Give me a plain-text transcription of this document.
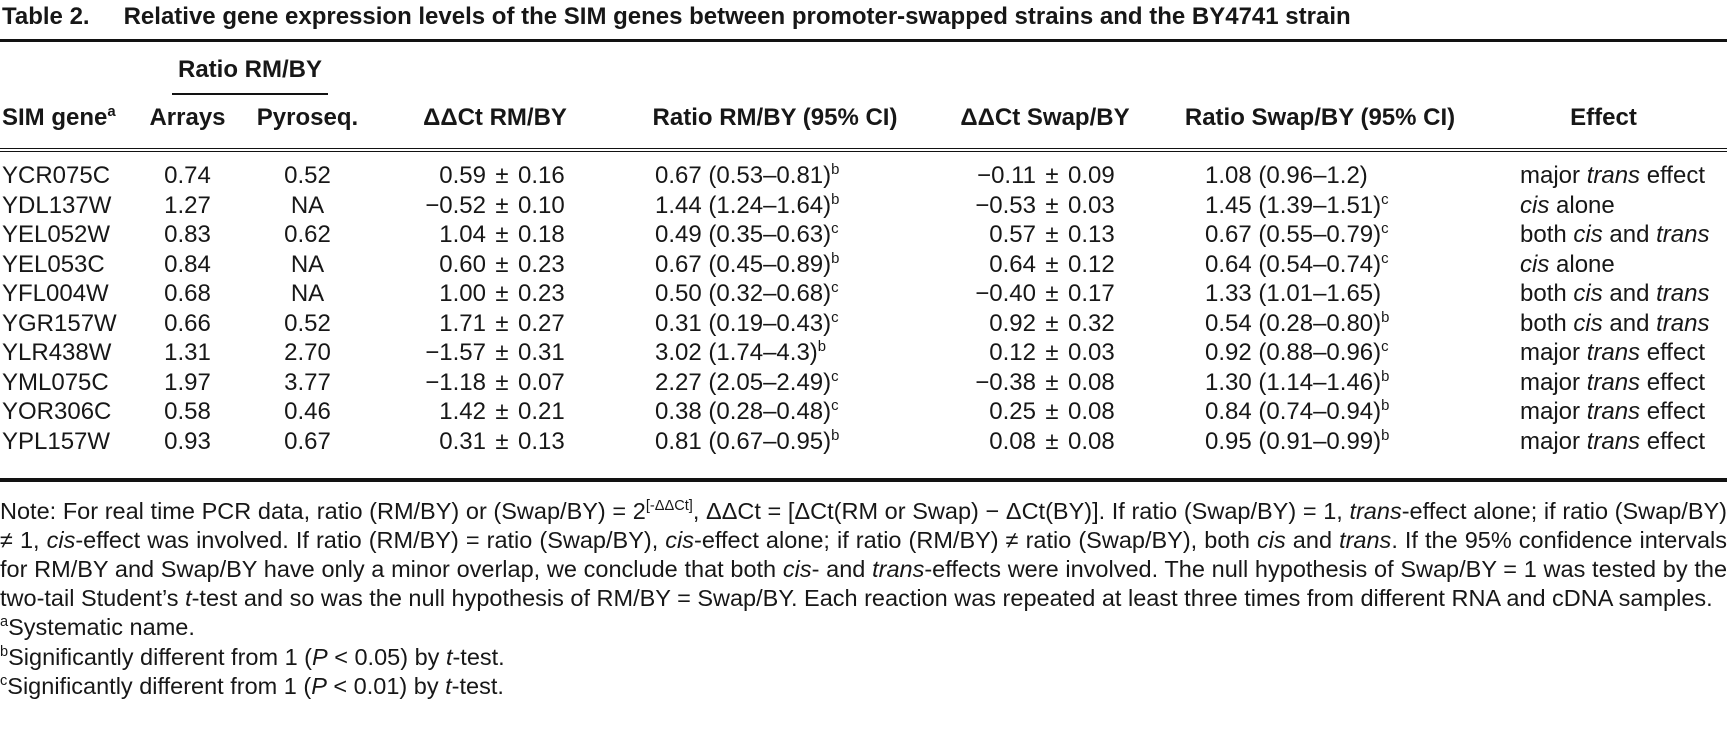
Table 2. Relative gene expression levels of the SIM genes between promoter-swapped strains and the BY4741 strain
	Ratio RM/BY						
SIM gene$^a$	Arrays	Pyroseq.	ΔΔCt RM/BY	Ratio RM/BY (95% CI)	ΔΔCt Swap/BY	Ratio Swap/BY (95% CI)	Effect
YCR075C	0.74	0.52	0.59 ± 0.16	0.67 $(0.53-0.81)^b$	−0.11 ± 0.09	1.08 (0.96–1.2)	major trans effect
YDL137W	1.27	NA	−0.52 ± 0.10	1.44 $(1.24-1.64)^b$	−0.53 ± 0.03	1.45 $(1.39-1.51)^c$	cis alone
YEL052W	0.83	0.62	1.04 ± 0.18	0.49 $(0.35-0.63)^c$	0.57 ± 0.13	0.67 $(0.55-0.79)^c$	both cis and trans
YEL053C	0.84	NA	0.60 ± 0.23	0.67 $(0.45-0.89)^b$	0.64 ± 0.12	0.64 $(0.54-0.74)^c$	cis alone
YFL004W	0.68	NA	1.00 ± 0.23	0.50 $(0.32-0.68)^c$	−0.40 ± 0.17	1.33 (1.01–1.65)	both cis and trans
YGR157W	0.66	0.52	1.71 ± 0.27	0.31 $(0.19-0.43)^c$	0.92 ± 0.32	0.54 $(0.28-0.80)^b$	both cis and trans
YLR438W	1.31	2.70	−1.57 ± 0.31	3.02 $(1.74-4.3)^b$	0.12 ± 0.03	0.92 $(0.88-0.96)^c$	major trans effect
YML075C	1.97	3.77	−1.18 ± 0.07	2.27 $(2.05-2.49)^c$	−0.38 ± 0.08	1.30 $(1.14-1.46)^b$	major trans effect
YOR306C	0.58	0.46	1.42 ± 0.21	0.38 $(0.28-0.48)^c$	0.25 ± 0.08	0.84 $(0.74-0.94)^b$	major trans effect
YPL157W	0.93	0.67	0.31 ± 0.13	0.81 $(0.67-0.95)^b$	0.08 ± 0.08	0.95 $(0.91-0.99)^b$	major trans effect

Note: For real time PCR data, ratio (RM/BY) or (Swap/BY) = 2[-ΔΔCt], ΔΔCt = [ΔCt(RM or Swap) − ΔCt(BY)]. If ratio (Swap/BY) = 1, trans-effect alone; if ratio (Swap/BY) ≠ 1, cis-effect was involved. If ratio (RM/BY) = ratio (Swap/BY), cis-effect alone; if ratio (RM/BY) ≠ ratio (Swap/BY), both cis and trans. If the 95% confidence intervals for RM/BY and Swap/BY have only a minor overlap, we conclude that both cis- and trans-effects were involved. The null hypothesis of Swap/BY = 1 was tested by the two-tail Student’s t-test and so was the null hypothesis of RM/BY = Swap/BY. Each reaction was repeated at least three times from different RNA and cDNA samples.

$^a$Systematic name.

$^b$Significantly different from 1 (P < 0.05) by t-test.

$^c$Significantly different from 1 (P < 0.01) by t-test.
